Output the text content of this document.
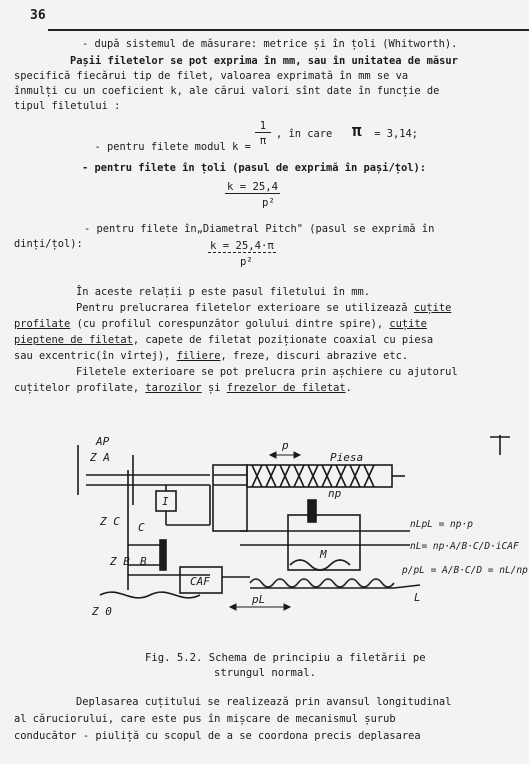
36
- după sistemul de măsurare: metrice și în țoli (Whitworth).
Pașii filetelor se pot exprima în mm, sau în unitatea de măsur
specifică fiecărui tip de filet, valoarea exprimată în mm se va
înmulți cu un coeficient k, ale cărui valori sînt date în funcție de
tipul filetului :

- pentru filete modul k =

1
π
, în care π = 3,14;
- pentru filete în țoli (pasul de exprimă în pași/țol):
k = 25,4
p²
- pentru filete în„Diametral Pitch" (pasul se exprimă în
dinți/țol):	k = 25,4·π
p²
În aceste relații p este pasul filetului în mm.
Pentru prelucrarea filetelor exterioare se utilizează cuțite
profilate (cu profilul corespunzător golului dintre spire), cuțite
pieptene de filetat, capete de filetat poziționate coaxial cu piesa
sau excentric(în vîrtej), filiere, freze, discuri abrazive etc.
Filetele exterioare se pot prelucra prin așchiere cu ajutorul
cuțitelor profilate, tarozilor și frezelor de filetat.
AP
Z A
I
Z C C
Z B B
CAF
Z 0
pL	L
p
Piesa
np
M
nLpL = np·p
nL= np·A/B·C/D·iCAF
p/pL = A/B·C/D = nL/np
Fig. 5.2. Schema de principiu a filetării pe
strungul normal.
Deplasarea cuțitului se realizează prin avansul longitudinal
al căruciorului, care este pus în mișcare de mecanismul șurub
conducător - piuliță cu scopul de a se coordona precis deplasarea
